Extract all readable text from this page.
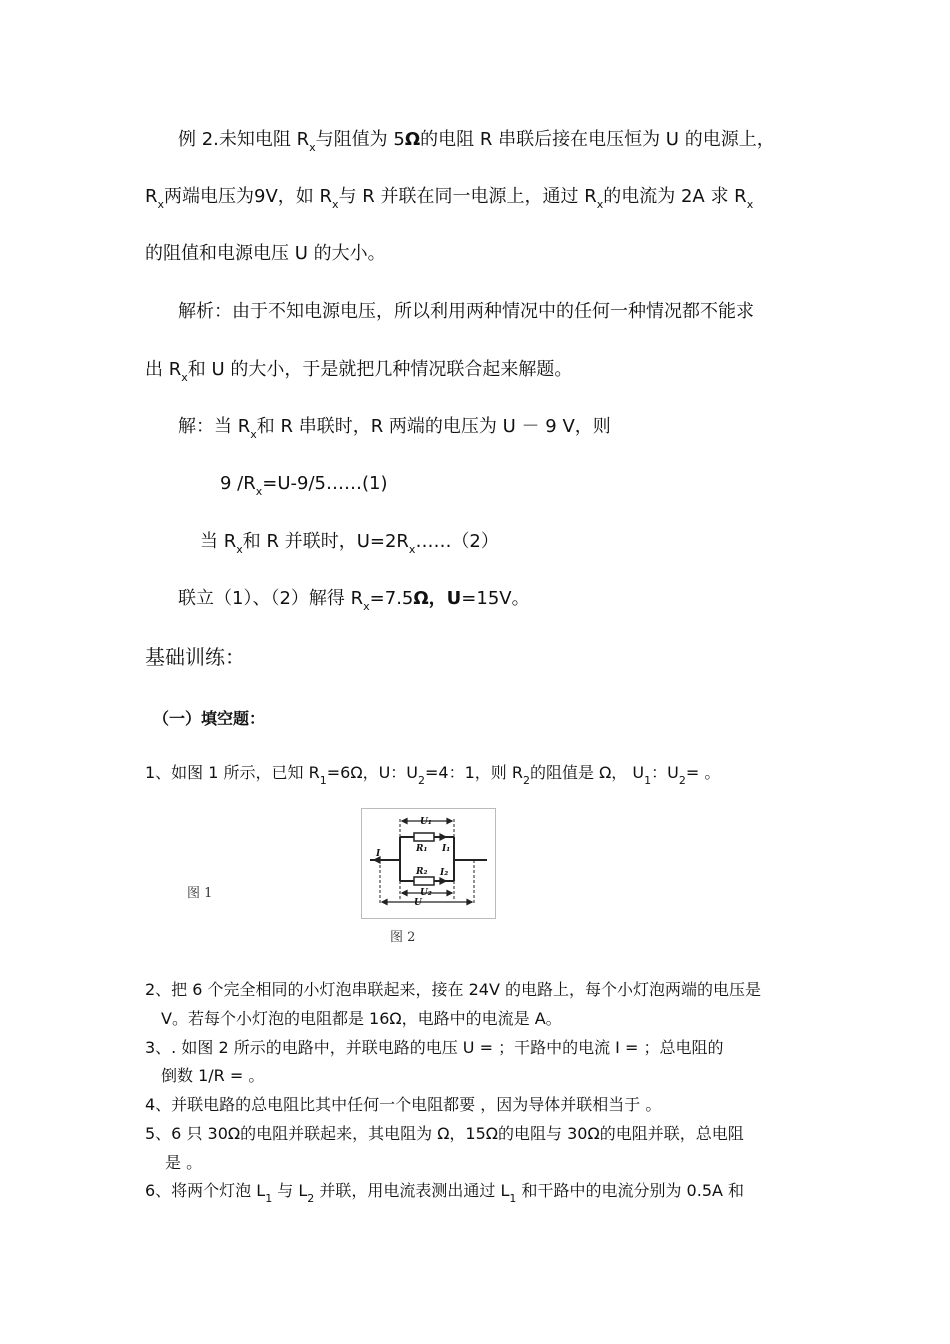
例 2.未知电阻 $R_x$与阻值为 5Ω的电阻 R 串联后接在电压恒为 U 的电源上，
$R_x$两端电压为9V，如 $R_x$与 R 并联在同一电源上，通过 $R_x$的电流为 2A 求 $R_x$
的阻值和电源电压 U 的大小。
解析：由于不知电源电压，所以利用两种情况中的任何一种情况都不能求
出 $R_x$和 U 的大小，于是就把几种情况联合起来解题。
解：当 $R_x$和 R 串联时，R 两端的电压为 U － 9 V，则
9 $/R_x=U-9/5\dots\dots(1)$
当 $R_x$和 R 并联时，$U=2R_x\dots\dots(2)$
联立（1）、（2）解得 $R_x=7.5\Omega$，U=15V。
基础训练：
（一）填空题：
1、如图 1 所示，已知 $R_1=6\Omega$，U：$U_2=4$：1，则 $R_2$的阻值是 Ω， $U_1$：$U_2=$ 。
图 1
图 2
U₁
R₁ I₁
R₂ I₂
U₂
U
I
2、把 6 个完全相同的小灯泡串联起来，接在 24V 的电路上，每个小灯泡两端的电压是
V。若每个小灯泡的电阻都是 16Ω，电路中的电流是 A。
3、. 如图 2 所示的电路中，并联电路的电压 U = ；干路中的电流 I = ；总电阻的
倒数 1/R = 。
4、并联电路的总电阻比其中任何一个电阻都要 ，因为导体并联相当于 。
5、6 只 30Ω的电阻并联起来，其电阻为 Ω，15Ω的电阻与 30Ω的电阻并联，总电阻
是 。
6、将两个灯泡 $L_1$ 与 $L_2$ 并联，用电流表测出通过 $L_1$ 和干路中的电流分别为 0.5A 和
